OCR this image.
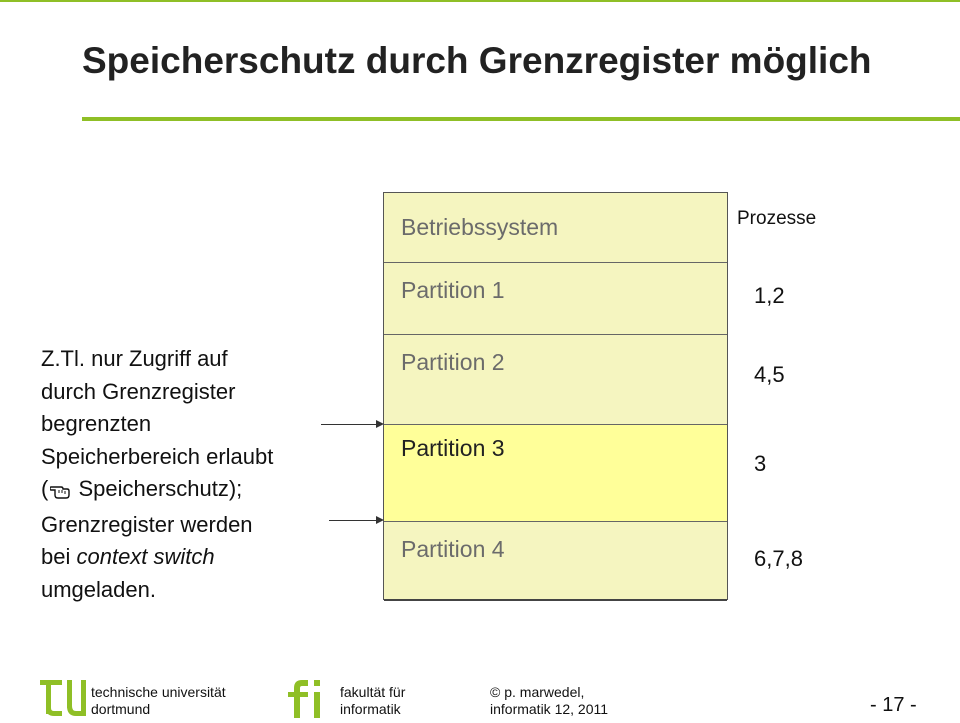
Speicherschutz durch Grenzregister möglich
Betriebssystem
Partition 1
Partition 2
Partition 3
Partition 4
Prozesse
1,2
4,5
3
6,7,8
Z.Tl. nur Zugriff auf
durch Grenzregister
begrenzten
Speicherbereich erlaubt
( Speicherschutz);
Grenzregister werden
bei context switch
umgeladen.
technische universität
dortmund
fakultät für
informatik
© p. marwedel,
informatik 12, 2011	- 17 -
